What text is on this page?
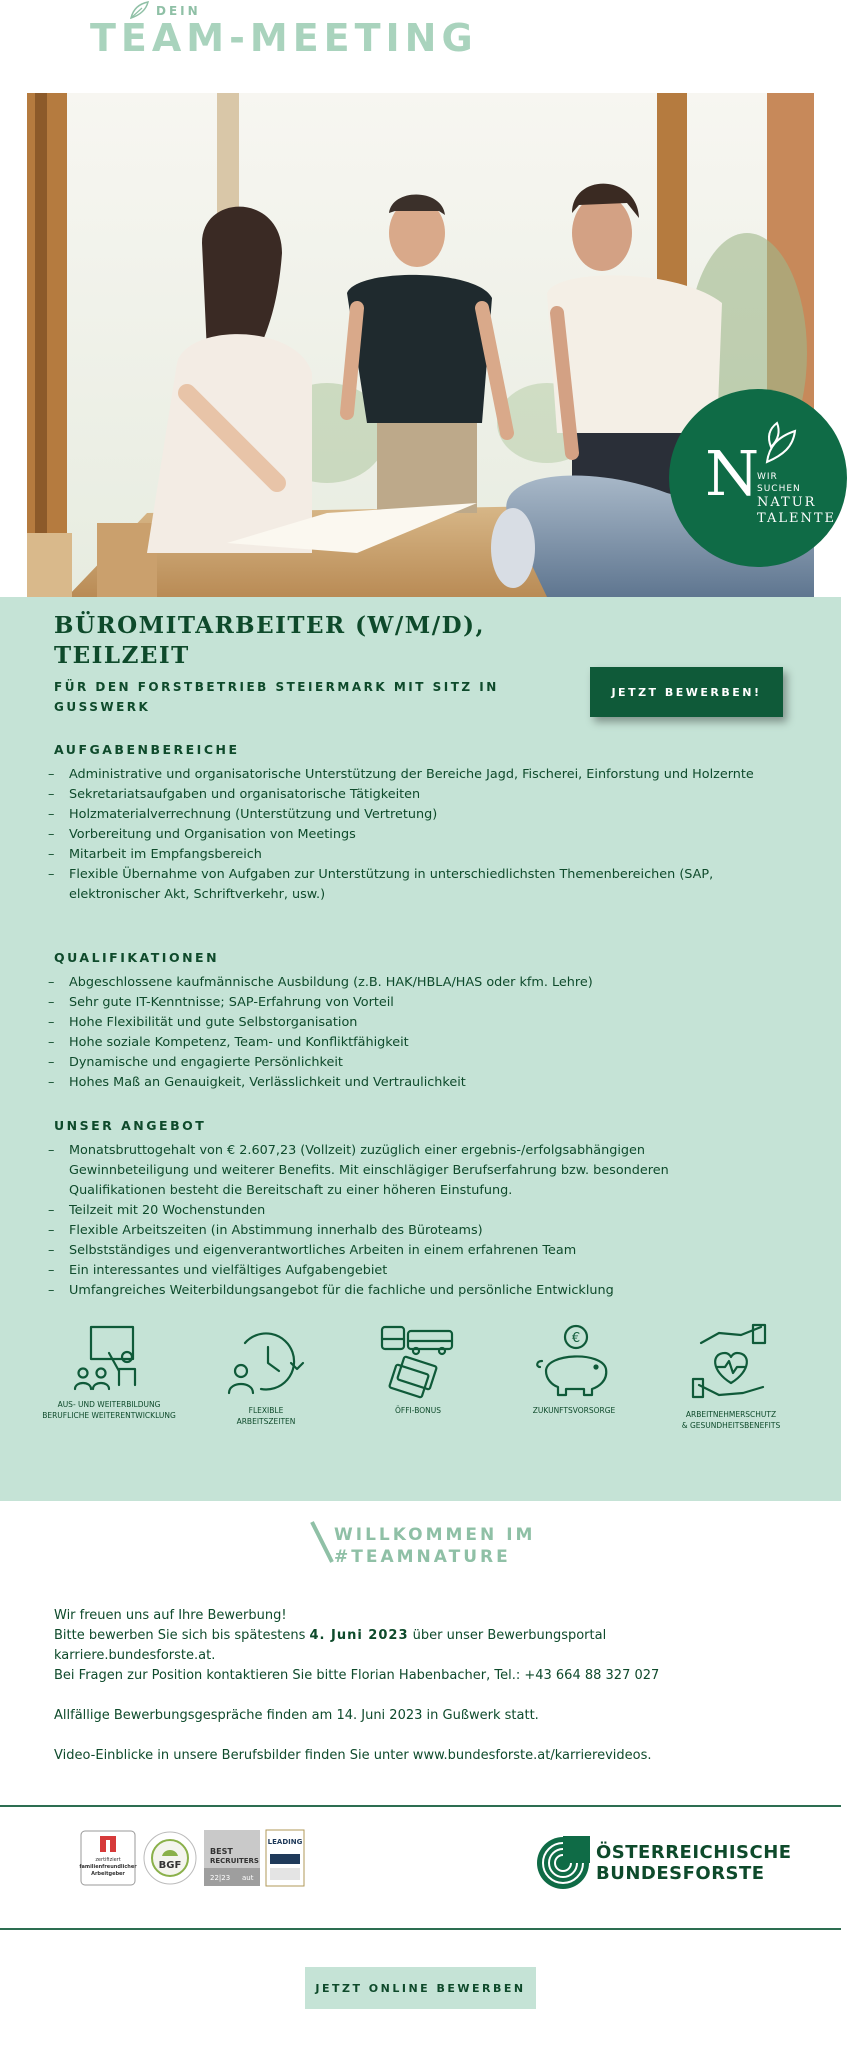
DEIN
TEAM-MEETING
N
WIR
SUCHEN
NATUR
TALENTE
BÜROMITARBEITER (W/M/D),
TEILZEIT
FÜR DEN FORSTBETRIEB STEIERMARK MIT SITZ IN GUSSWERK
JETZT BEWERBEN!
AUFGABENBEREICHE
– Administrative und organisatorische Unterstützung der Bereiche Jagd, Fischerei, Einforstung und Holzernte
– Sekretariatsaufgaben und organisatorische Tätigkeiten
– Holzmaterialverrechnung (Unterstützung und Vertretung)
– Vorbereitung und Organisation von Meetings
– Mitarbeit im Empfangsbereich
– Flexible Übernahme von Aufgaben zur Unterstützung in unterschiedlichsten Themenbereichen (SAP, elektronischer Akt, Schriftverkehr, usw.)
QUALIFIKATIONEN
– Abgeschlossene kaufmännische Ausbildung (z.B. HAK/HBLA/HAS oder kfm. Lehre)
– Sehr gute IT-Kenntnisse; SAP-Erfahrung von Vorteil
– Hohe Flexibilität und gute Selbstorganisation
– Hohe soziale Kompetenz, Team- und Konfliktfähigkeit
– Dynamische und engagierte Persönlichkeit
– Hohes Maß an Genauigkeit, Verlässlichkeit und Vertraulichkeit
UNSER ANGEBOT
– Monatsbruttogehalt von € 2.607,23 (Vollzeit) zuzüglich einer ergebnis-/erfolgsabhängigen Gewinnbeteiligung und weiterer Benefits. Mit einschlägiger Berufserfahrung bzw. besonderen Qualifikationen besteht die Bereitschaft zu einer höheren Einstufung.
– Teilzeit mit 20 Wochenstunden
– Flexible Arbeitszeiten (in Abstimmung innerhalb des Büroteams)
– Selbstständiges und eigenverantwortliches Arbeiten in einem erfahrenen Team
– Ein interessantes und vielfältiges Aufgabengebiet
– Umfangreiches Weiterbildungsangebot für die fachliche und persönliche Entwicklung
AUS- UND WEITERBILDUNG
BERUFLICHE WEITERENTWICKLUNG
FLEXIBLE
ARBEITSZEITEN
ÖFFI-BONUS
€
ZUKUNFTSVORSORGE	ARBEITNEHMERSCHUTZ
& GESUNDHEITSBENEFITS
WILLKOMMEN IM
#TEAMNATURE
Wir freuen uns auf Ihre Bewerbung!
Bitte bewerben Sie sich bis spätestens 4. Juni 2023 über unser Bewerbungsportal
karriere.bundesforste.at.
Bei Fragen zur Position kontaktieren Sie bitte Florian Habenbacher, Tel.: +43 664 88 327 027
Allfällige Bewerbungsgespräche finden am 14. Juni 2023 in Gußwerk statt.
Video-Einblicke in unsere Berufsbilder finden Sie unter www.bundesforste.at/karrierevideos.
zertifiziert
familienfreundlicher
Arbeitgeber
BGF
BEST
RECRUITERS
22|23 aut
LEADING	ÖSTERREICHISCHE
BUNDESFORSTE
JETZT ONLINE BEWERBEN
